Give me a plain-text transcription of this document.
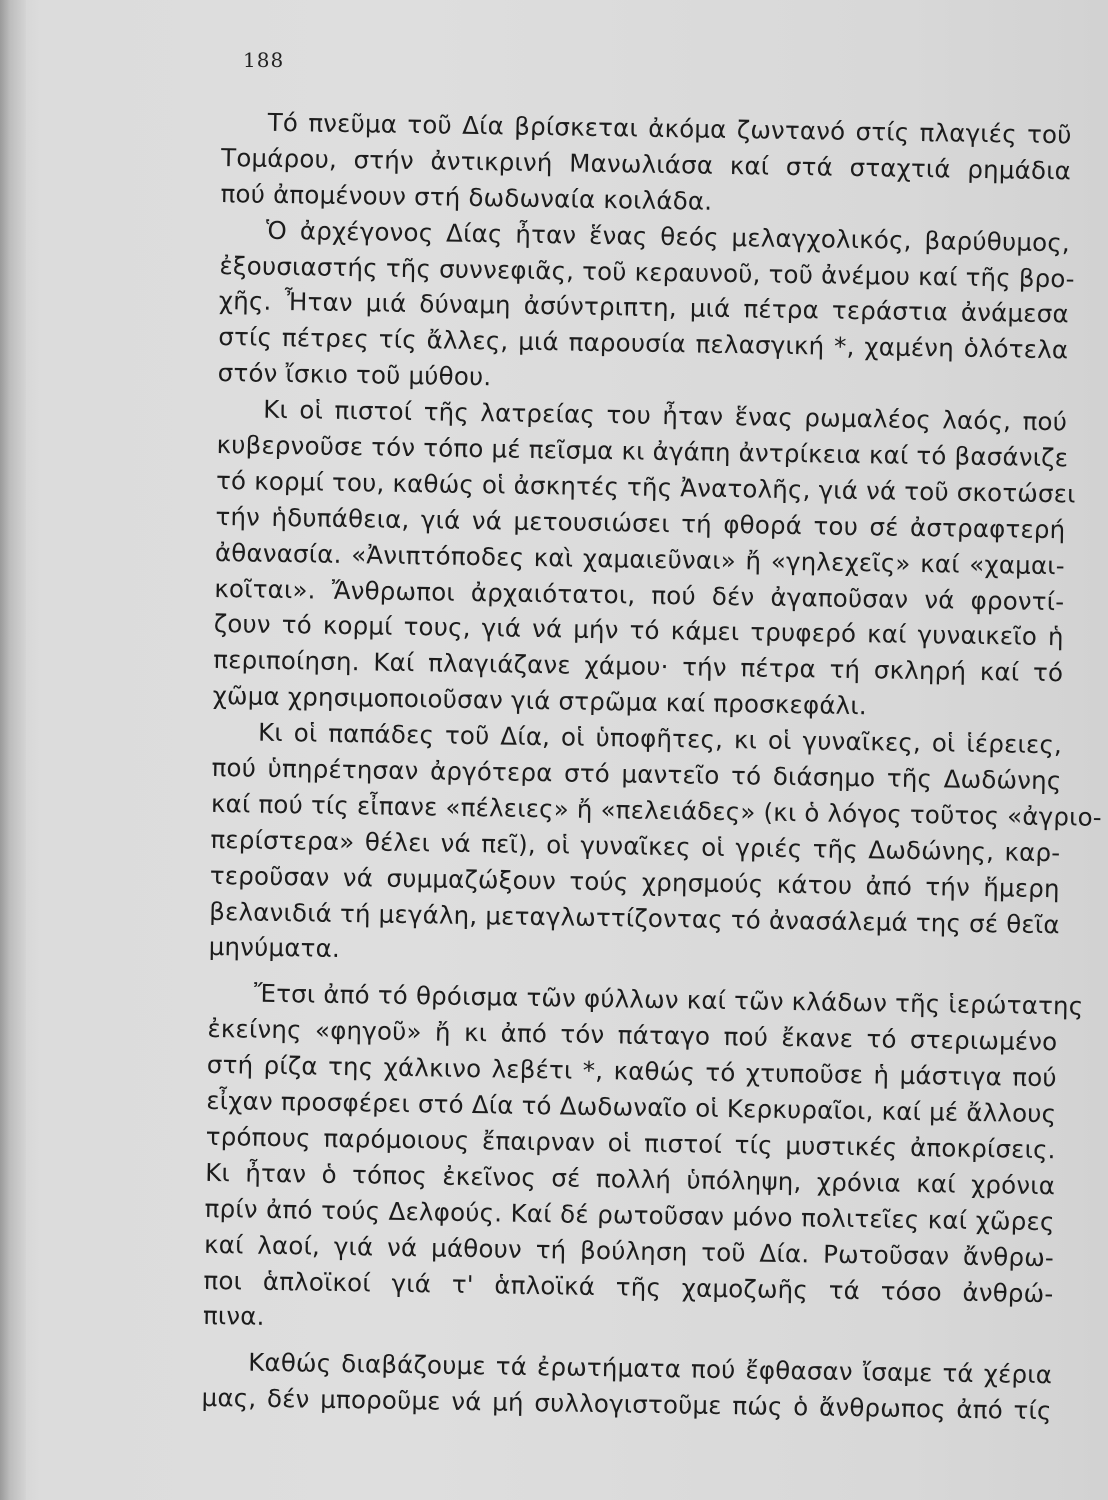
188
Τό πνεῦμα τοῦ Δία βρίσκεται ἀκόμα ζωντανό στίς πλαγιές τοῦ
Τομάρου, στήν ἀντικρινή Μανωλιάσα καί στά σταχτιά ρημάδια
πού ἀπομένουν στή δωδωναία κοιλάδα.
Ὁ ἀρχέγονος Δίας ἦταν ἕνας θεός μελαγχολικός, βαρύθυμος,
ἐξουσιαστής τῆς συννεφιᾶς, τοῦ κεραυνοῦ, τοῦ ἀνέμου καί τῆς βρο-
χῆς. Ἦταν μιά δύναμη ἀσύντριπτη, μιά πέτρα τεράστια ἀνάμεσα
στίς πέτρες τίς ἄλλες, μιά παρουσία πελασγική *, χαμένη ὁλότελα
στόν ἴσκιο τοῦ μύθου.
Κι οἱ πιστοί τῆς λατρείας του ἦταν ἕνας ρωμαλέος λαός, πού
κυβερνοῦσε τόν τόπο μέ πεῖσμα κι ἀγάπη ἀντρίκεια καί τό βασάνιζε
τό κορμί του, καθώς οἱ ἀσκητές τῆς Ἀνατολῆς, γιά νά τοῦ σκοτώσει
τήν ἡδυπάθεια, γιά νά μετουσιώσει τή φθορά του σέ ἀστραφτερή
ἀθανασία. «Ἀνιπτόποδες καὶ χαμαιεῦναι» ἤ «γηλεχεῖς» καί «χαμαι-
κοῖται». Ἄνθρωποι ἀρχαιότατοι, πού δέν ἀγαποῦσαν νά φροντί-
ζουν τό κορμί τους, γιά νά μήν τό κάμει τρυφερό καί γυναικεῖο ἡ
περιποίηση. Καί πλαγιάζανε χάμου· τήν πέτρα τή σκληρή καί τό
χῶμα χρησιμοποιοῦσαν γιά στρῶμα καί προσκεφάλι.
Κι οἱ παπάδες τοῦ Δία, οἱ ὑποφῆτες, κι οἱ γυναῖκες, οἱ ἱέρειες,
πού ὑπηρέτησαν ἀργότερα στό μαντεῖο τό διάσημο τῆς Δωδώνης
καί πού τίς εἶπανε «πέλειες» ἤ «πελειάδες» (κι ὁ λόγος τοῦτος «ἀγριο-
περίστερα» θέλει νά πεῖ), οἱ γυναῖκες οἱ γριές τῆς Δωδώνης, καρ-
τεροῦσαν νά συμμαζώξουν τούς χρησμούς κάτου ἀπό τήν ἥμερη
βελανιδιά τή μεγάλη, μεταγλωττίζοντας τό ἀνασάλεμά της σέ θεῖα
μηνύματα.
Ἔτσι ἀπό τό θρόισμα τῶν φύλλων καί τῶν κλάδων τῆς ἱερώτατης
ἐκείνης «φηγοῦ» ἤ κι ἀπό τόν πάταγο πού ἔκανε τό στεριωμένο
στή ρίζα της χάλκινο λεβέτι *, καθώς τό χτυποῦσε ἡ μάστιγα πού
εἶχαν προσφέρει στό Δία τό Δωδωναῖο οἱ Κερκυραῖοι, καί μέ ἄλλους
τρόπους παρόμοιους ἔπαιρναν οἱ πιστοί τίς μυστικές ἀποκρίσεις.
Κι ἦταν ὁ τόπος ἐκεῖνος σέ πολλή ὑπόληψη, χρόνια καί χρόνια
πρίν ἀπό τούς Δελφούς. Καί δέ ρωτοῦσαν μόνο πολιτεῖες καί χῶρες
καί λαοί, γιά νά μάθουν τή βούληση τοῦ Δία. Ρωτοῦσαν ἄνθρω-
ποι ἁπλοϊκοί γιά τ' ἁπλοϊκά τῆς χαμοζωῆς τά τόσο ἀνθρώ-
πινα.
Καθώς διαβάζουμε τά ἐρωτήματα πού ἔφθασαν ἴσαμε τά χέρια
μας, δέν μποροῦμε νά μή συλλογιστοῦμε πώς ὁ ἄνθρωπος ἀπό τίς
